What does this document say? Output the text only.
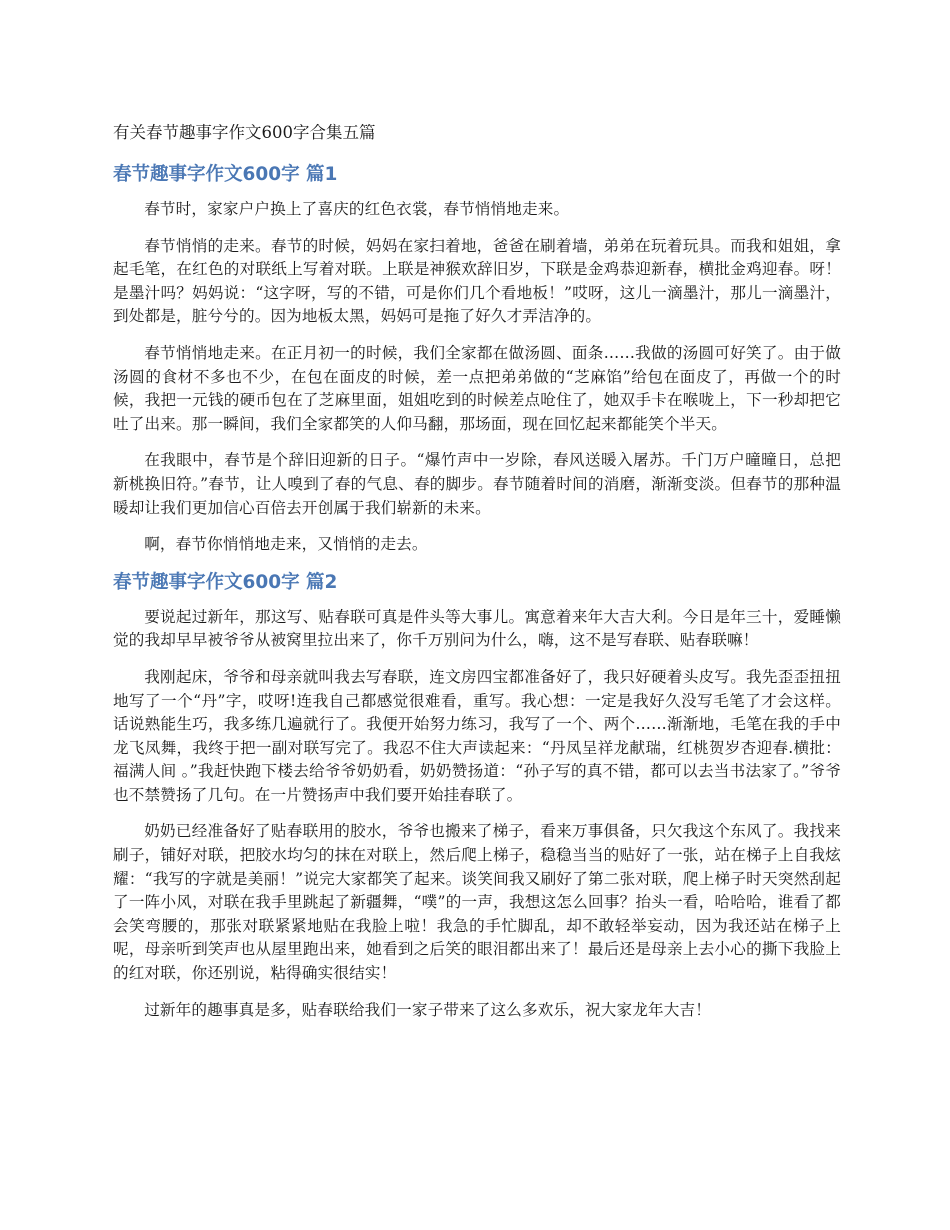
有关春节趣事字作文600字合集五篇
春节趣事字作文600字 篇1

春节时，家家户户换上了喜庆的红色衣裳，春节悄悄地走来。

春节悄悄的走来。春节的时候，妈妈在家扫着地，爸爸在刷着墙，弟弟在玩着玩具。而我和姐姐，拿起毛笔，在红色的对联纸上写着对联。上联是神猴欢辞旧岁，下联是金鸡恭迎新春，横批金鸡迎春。呀！是墨汁吗？妈妈说：“这字呀，写的不错，可是你们几个看地板！”哎呀，这儿一滴墨汁，那儿一滴墨汁，到处都是，脏兮兮的。因为地板太黑，妈妈可是拖了好久才弄洁净的。

春节悄悄地走来。在正月初一的时候，我们全家都在做汤圆、面条……我做的汤圆可好笑了。由于做汤圆的食材不多也不少，在包在面皮的时候，差一点把弟弟做的“芝麻馅”给包在面皮了，再做一个的时候，我把一元钱的硬币包在了芝麻里面，姐姐吃到的时候差点呛住了，她双手卡在喉咙上，下一秒却把它吐了出来。那一瞬间，我们全家都笑的人仰马翻，那场面，现在回忆起来都能笑个半天。

在我眼中，春节是个辞旧迎新的日子。“爆竹声中一岁除，春风送暖入屠苏。千门万户曈曈日，总把新桃换旧符。”春节，让人嗅到了春的气息、春的脚步。春节随着时间的消磨，渐渐变淡。但春节的那种温暖却让我们更加信心百倍去开创属于我们崭新的未来。

啊，春节你悄悄地走来，又悄悄的走去。

春节趣事字作文600字 篇2

要说起过新年，那这写、贴春联可真是件头等大事儿。寓意着来年大吉大利。今日是年三十，爱睡懒觉的我却早早被爷爷从被窝里拉出来了，你千万别问为什么，嗨，这不是写春联、贴春联嘛！

我刚起床，爷爷和母亲就叫我去写春联，连文房四宝都准备好了，我只好硬着头皮写。我先歪歪扭扭地写了一个“丹”字，哎呀!连我自己都感觉很难看，重写。我心想：一定是我好久没写毛笔了才会这样。话说熟能生巧，我多练几遍就行了。我便开始努力练习，我写了一个、两个……渐渐地，毛笔在我的手中龙飞凤舞，我终于把一副对联写完了。我忍不住大声读起来：“丹凤呈祥龙献瑞，红桃贺岁杏迎春.横批：福满人间 。”我赶快跑下楼去给爷爷奶奶看，奶奶赞扬道：“孙子写的真不错，都可以去当书法家了。”爷爷也不禁赞扬了几句。在一片赞扬声中我们要开始挂春联了。

奶奶已经准备好了贴春联用的胶水，爷爷也搬来了梯子，看来万事俱备，只欠我这个东风了。我找来刷子，铺好对联，把胶水均匀的抹在对联上，然后爬上梯子，稳稳当当的贴好了一张，站在梯子上自我炫耀：“我写的字就是美丽！”说完大家都笑了起来。谈笑间我又刷好了第二张对联，爬上梯子时天突然刮起了一阵小风，对联在我手里跳起了新疆舞，“噗”的一声，我想这怎么回事？抬头一看，哈哈哈，谁看了都会笑弯腰的，那张对联紧紧地贴在我脸上啦！我急的手忙脚乱，却不敢轻举妄动，因为我还站在梯子上呢，母亲听到笑声也从屋里跑出来，她看到之后笑的眼泪都出来了！最后还是母亲上去小心的撕下我脸上的红对联，你还别说，粘得确实很结实！

过新年的趣事真是多，贴春联给我们一家子带来了这么多欢乐，祝大家龙年大吉！
